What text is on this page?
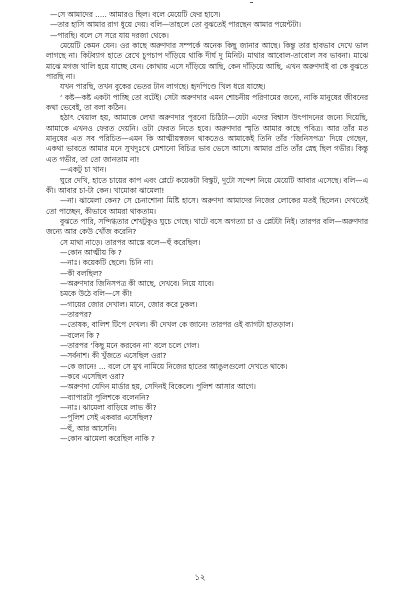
—সে আমাদের ..... আমারও ছিল। বলে মেয়েটি ফের হাসে।

—তার হাসি আমার রাগ ধুয়ে দেয়। বলি—তাহলে তো বুঝতেই পারছেন আমার পয়েন্টটা।

—পারছি। বলে সে সরে যায় দরজা থেকে।

মেয়েটি কেমন যেন। ওর কাছে অরুণদার সম্পর্কে অনেক কিছু জানার আছে। কিন্তু তার হাবভাব দেখে ভাল লাগছে না। কিটব্যাগ হাতে রেখে চুপচাপ দাঁড়িয়ে থাকি দীর্ঘ দু মিনিট। মাথার আবোল-তাবোল সব ভাবনা। মাঝে মাঝে মগজ খালি হয়ে যাচ্ছে যেন। কোথায় এসে দাঁড়িয়ে আছি, কেন দাঁড়িয়ে আছি, এখন অরুণদাই বা কে বুঝতে পারছি না।

যখন পারছি, তখন বুকের ভেতর টান লাগছে। হৃদপিণ্ডে খিল ধরে যাচ্ছে।

‘ কষ্ট—কষ্ট একটা পাচ্ছি তো বটেই। সেটা অরুণদার এমন শোচনীয় পরিণামের জন্যে, নাকি মানুষের জীবনের কথা ভেবেই, তা বলা কঠিন।

হঠাৎ খেয়াল হয়, আমাকে লেখা অরুণদার পুরনো চিঠিটা—যেটা এদের বিশ্বাস উৎপাদনের জন্যে দিয়েছি, আমাকে এখনও ফেরত দেয়নি। ওটা ফেরত নিতে হবে। অরুণদার স্মৃতি আমার কাছে পবিত্র। আর তাঁর মত মানুষের এত সব পরিচিত—এমন কি আত্মীয়স্বজন থাকতেও আমাকেই তিনি তাঁর ‘জিনিসপত্র’ দিয়ে গেছেন, একথা ভাবতে আমার মনে সুখদুঃখে মেশানো বিচিত্র ভাব ভেসে আসে। আমার প্রতি তাঁর স্নেহ ছিল গভীর। কিন্তু এত গভীর, তা তো জানতাম না!

—একটু চা খান।

ঘুরে দেখি, হাতে চায়ের কাপ এবং প্লেটে কয়েকটা বিস্কুট, দুটো সন্দেশ নিয়ে মেয়েটি আবার এসেছে। বলি—এ কী। আবার চা-টা কেন। খামোকা ঝামেলা!

—না। ঝামেলা কেন? সে চেনাশোনা মিষ্টি হাসে। অরুণদা আমাদের নিজের লোকের মতই ছিলেন। দেখতেই তো পাচ্ছেন, কীভাবে আমরা থাকতাম।

বুঝতে পারি, সন্দিগ্ধতার শেখটুকুও ঘুচে গেছে। খাটে বসে অগত্যা চা ও প্লেটটা নিই। তারপর বলি—অরুণদার জন্যে আর কেউ খোঁজ করেনি?

সে মাথা নাড়ে। তারপর আস্তে বলে—হুঁ করেছিল।

—কোন আত্মীয় কি ?

—নাঃ। কয়েকটি ছেলে। চিনি না।

—কী বলছিল?

—অরুণদার জিনিসপত্র কী আছে, দেখবে। নিয়ে যাবে।

চমকে উঠে বলি—সে কী!

—গায়ের জোর দেখাল। মানে, জোর করে ঢুকল।

—তারপর?

—তোষক, বালিশ টিপে দেখল। কী দেখল কে জানে! তারপর ওই ব্যাগটা হাতড়াল।

—বলেন কি ?

—তারপর ‘কিছু মনে করবেন না’ বলে চলে গেল।

—সর্বনাশ। কী খুঁজতে এসেছিল ওরা?

—কে জানে! ... বলে সে মুখ নামিয়ে নিজের হাতের আঙুলগুলো দেখতে থাকে।

—কবে এসেছিল ওরা?

—অরুণদা যেদিন মার্ডার হয়, সেদিনই বিকেলে। পুলিশ আসার আগে।

—ব্যাপারটা পুলিশকে বলেননি?

—নাঃ। ঝামেলা বাড়িয়ে লাভ কী?

—পুলিশ সেই একবার এসেছিল?

—হুঁ, আর আসেনি।

—কোন ঝামেলা করেছিল নাকি ?

১২
